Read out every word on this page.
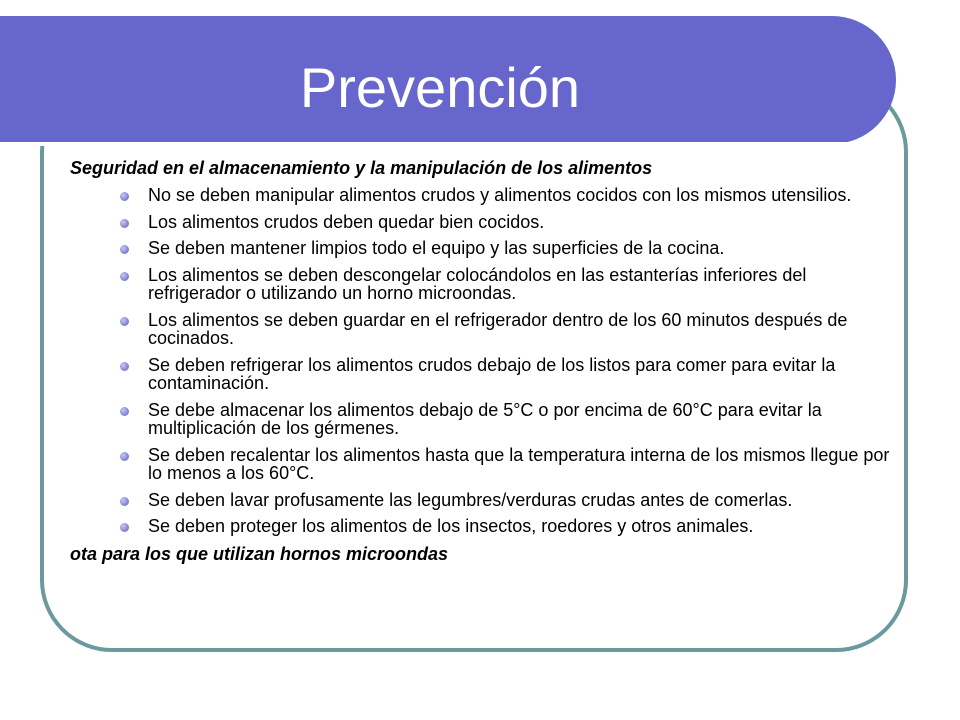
Prevención

Seguridad en el almacenamiento y la manipulación de los alimentos

No se deben manipular alimentos crudos y alimentos cocidos con los mismos utensilios.
Los alimentos crudos deben quedar bien cocidos.
Se deben mantener limpios todo el equipo y las superficies de la cocina.
Los alimentos se deben descongelar colocándolos en las estanterías inferiores del refrigerador o utilizando un horno microondas.
Los alimentos se deben guardar en el refrigerador dentro de los 60 minutos después de cocinados.
Se deben refrigerar los alimentos crudos debajo de los listos para comer para evitar la contaminación.
Se debe almacenar los alimentos debajo de 5°C o por encima de 60°C para evitar la multiplicación de los gérmenes.
Se deben recalentar los alimentos hasta que la temperatura interna de los mismos llegue por lo menos a los 60°C.
Se deben lavar profusamente las legumbres/verduras crudas antes de comerlas.
Se deben proteger los alimentos de los insectos, roedores y otros animales.

ota para los que utilizan hornos microondas
